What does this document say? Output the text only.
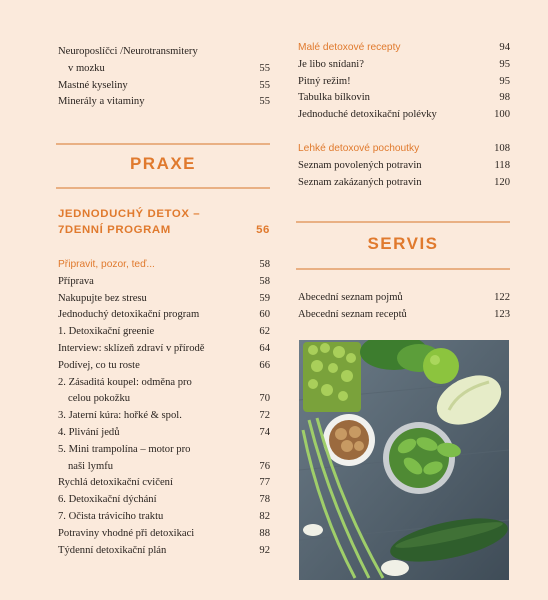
Neuroposlíčci /Neurotransmitery
v mozku	55
Mastné kyseliny	55
Minerály a vitaminy	55
PRAXE
JEDNODUCHÝ DETOX –
7DENNÍ PROGRAM	56
Připravit, pozor, teď...	58
Příprava	58
Nakupujte bez stresu	59
Jednoduchý detoxikační program	60
1. Detoxikační greenie	62
Interview: sklízeň zdraví v přírodě	64
Podívej, co tu roste	66
2. Zásaditá koupel: odměna pro
celou pokožku	70
3. Jaterní kúra: hořké & spol.	72
4. Plivání jedů	74
5. Mini trampolína – motor pro
naši lymfu	76
Rychlá detoxikační cvičení	77
6. Detoxikační dýchání	78
7. Očista trávicího traktu	82
Potraviny vhodné při detoxikaci	88
Týdenní detoxikační plán	92
Malé detoxové recepty	94
Je libo snídani?	95
Pitný režim!	95
Tabulka bílkovin	98
Jednoduché detoxikační polévky	100
Lehké detoxové pochoutky	108
Seznam povolených potravin	118
Seznam zakázaných potravin	120
SERVIS
Abecední seznam pojmů	122
Abecední seznam receptů	123
